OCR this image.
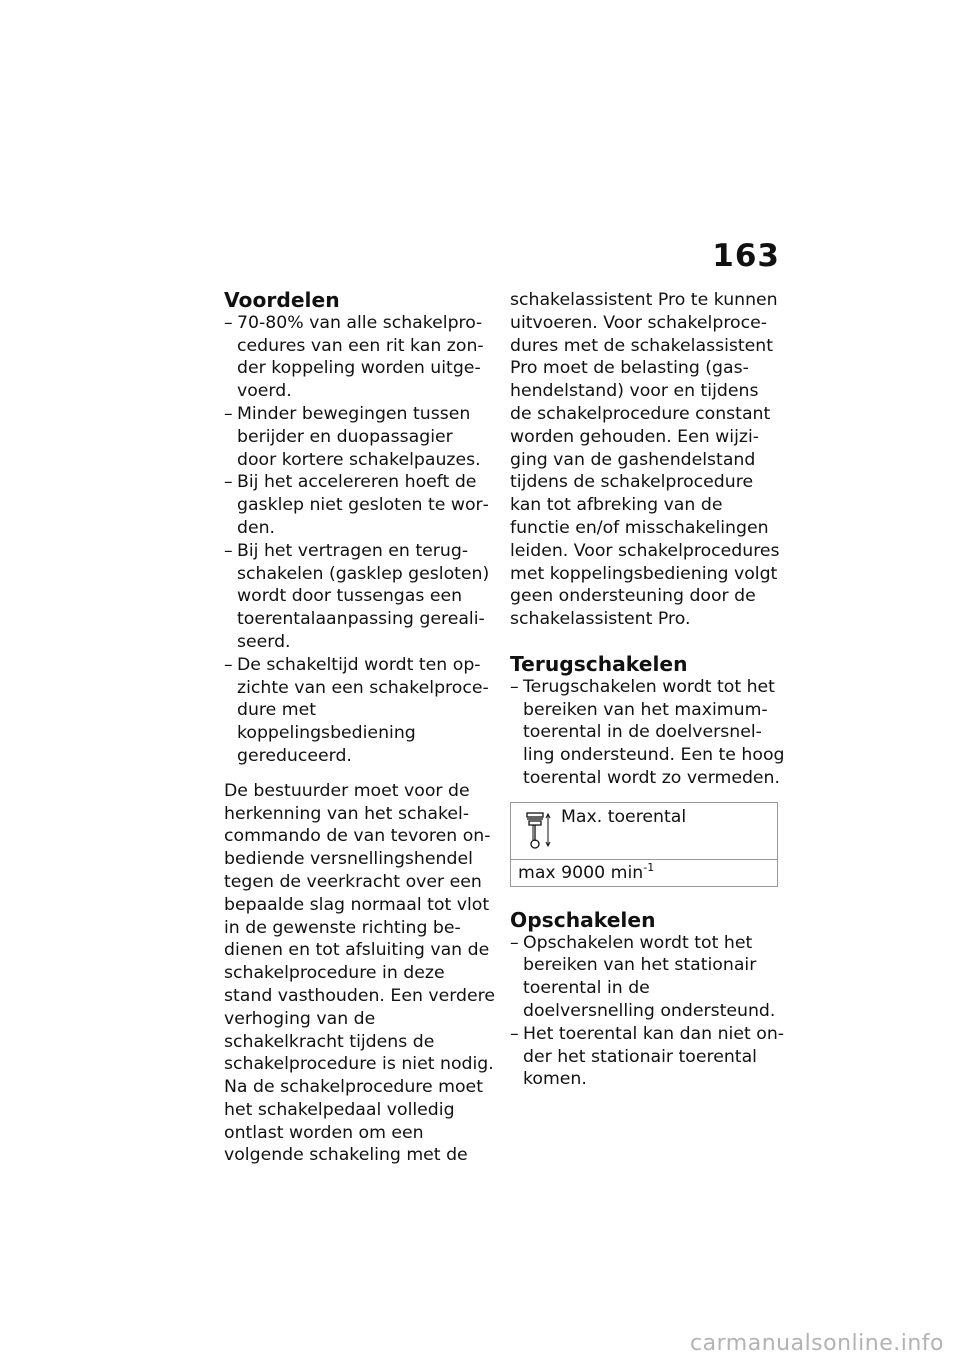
163
Voordelen
– 70-80% van alle schakelprocedures van een rit kan zonder koppeling worden uitgevoerd.
– Minder bewegingen tussen berijder en duopassagier door kortere schakelpauzes.
– Bij het accelereren hoeft de gasklep niet gesloten te worden.
– Bij het vertragen en terugschakelen (gasklep gesloten) wordt door tussengas een toerentalaanpassing gerealiseerd.
– De schakeltijd wordt ten opzichte van een schakelprocedure met koppelingsbediening gereduceerd.

De bestuurder moet voor de herkenning van het schakelcommando de van tevoren onbediende versnellingshendel tegen de veerkracht over een bepaalde slag normaal tot vlot in de gewenste richting bedienen en tot afsluiting van de schakelprocedure in deze stand vasthouden. Een verdere verhoging van de schakelkracht tijdens de schakelprocedure is niet nodig. Na de schakelprocedure moet het schakelpedaal volledig ontlast worden om een volgende schakeling met de

schakelassistent Pro te kunnen uitvoeren. Voor schakelprocedures met de schakelassistent Pro moet de belasting (gashendelstand) voor en tijdens de schakelprocedure constant worden gehouden. Een wijziging van de gashendelstand tijdens de schakelprocedure kan tot afbreking van de functie en/of misschakelingen leiden. Voor schakelprocedures met koppelingsbediening volgt geen ondersteuning door de schakelassistent Pro.

Terugschakelen
– Terugschakelen wordt tot het bereiken van het maximumtoerental in de doelversnelling ondersteund. Een te hoog toerental wordt zo vermeden.
Max. toerental
max 9000 $\min^{-1}$
Opschakelen
– Opschakelen wordt tot het bereiken van het stationair toerental in de doelversnelling ondersteund.
– Het toerental kan dan niet onder het stationair toerental komen.
carmanualsonline.info
